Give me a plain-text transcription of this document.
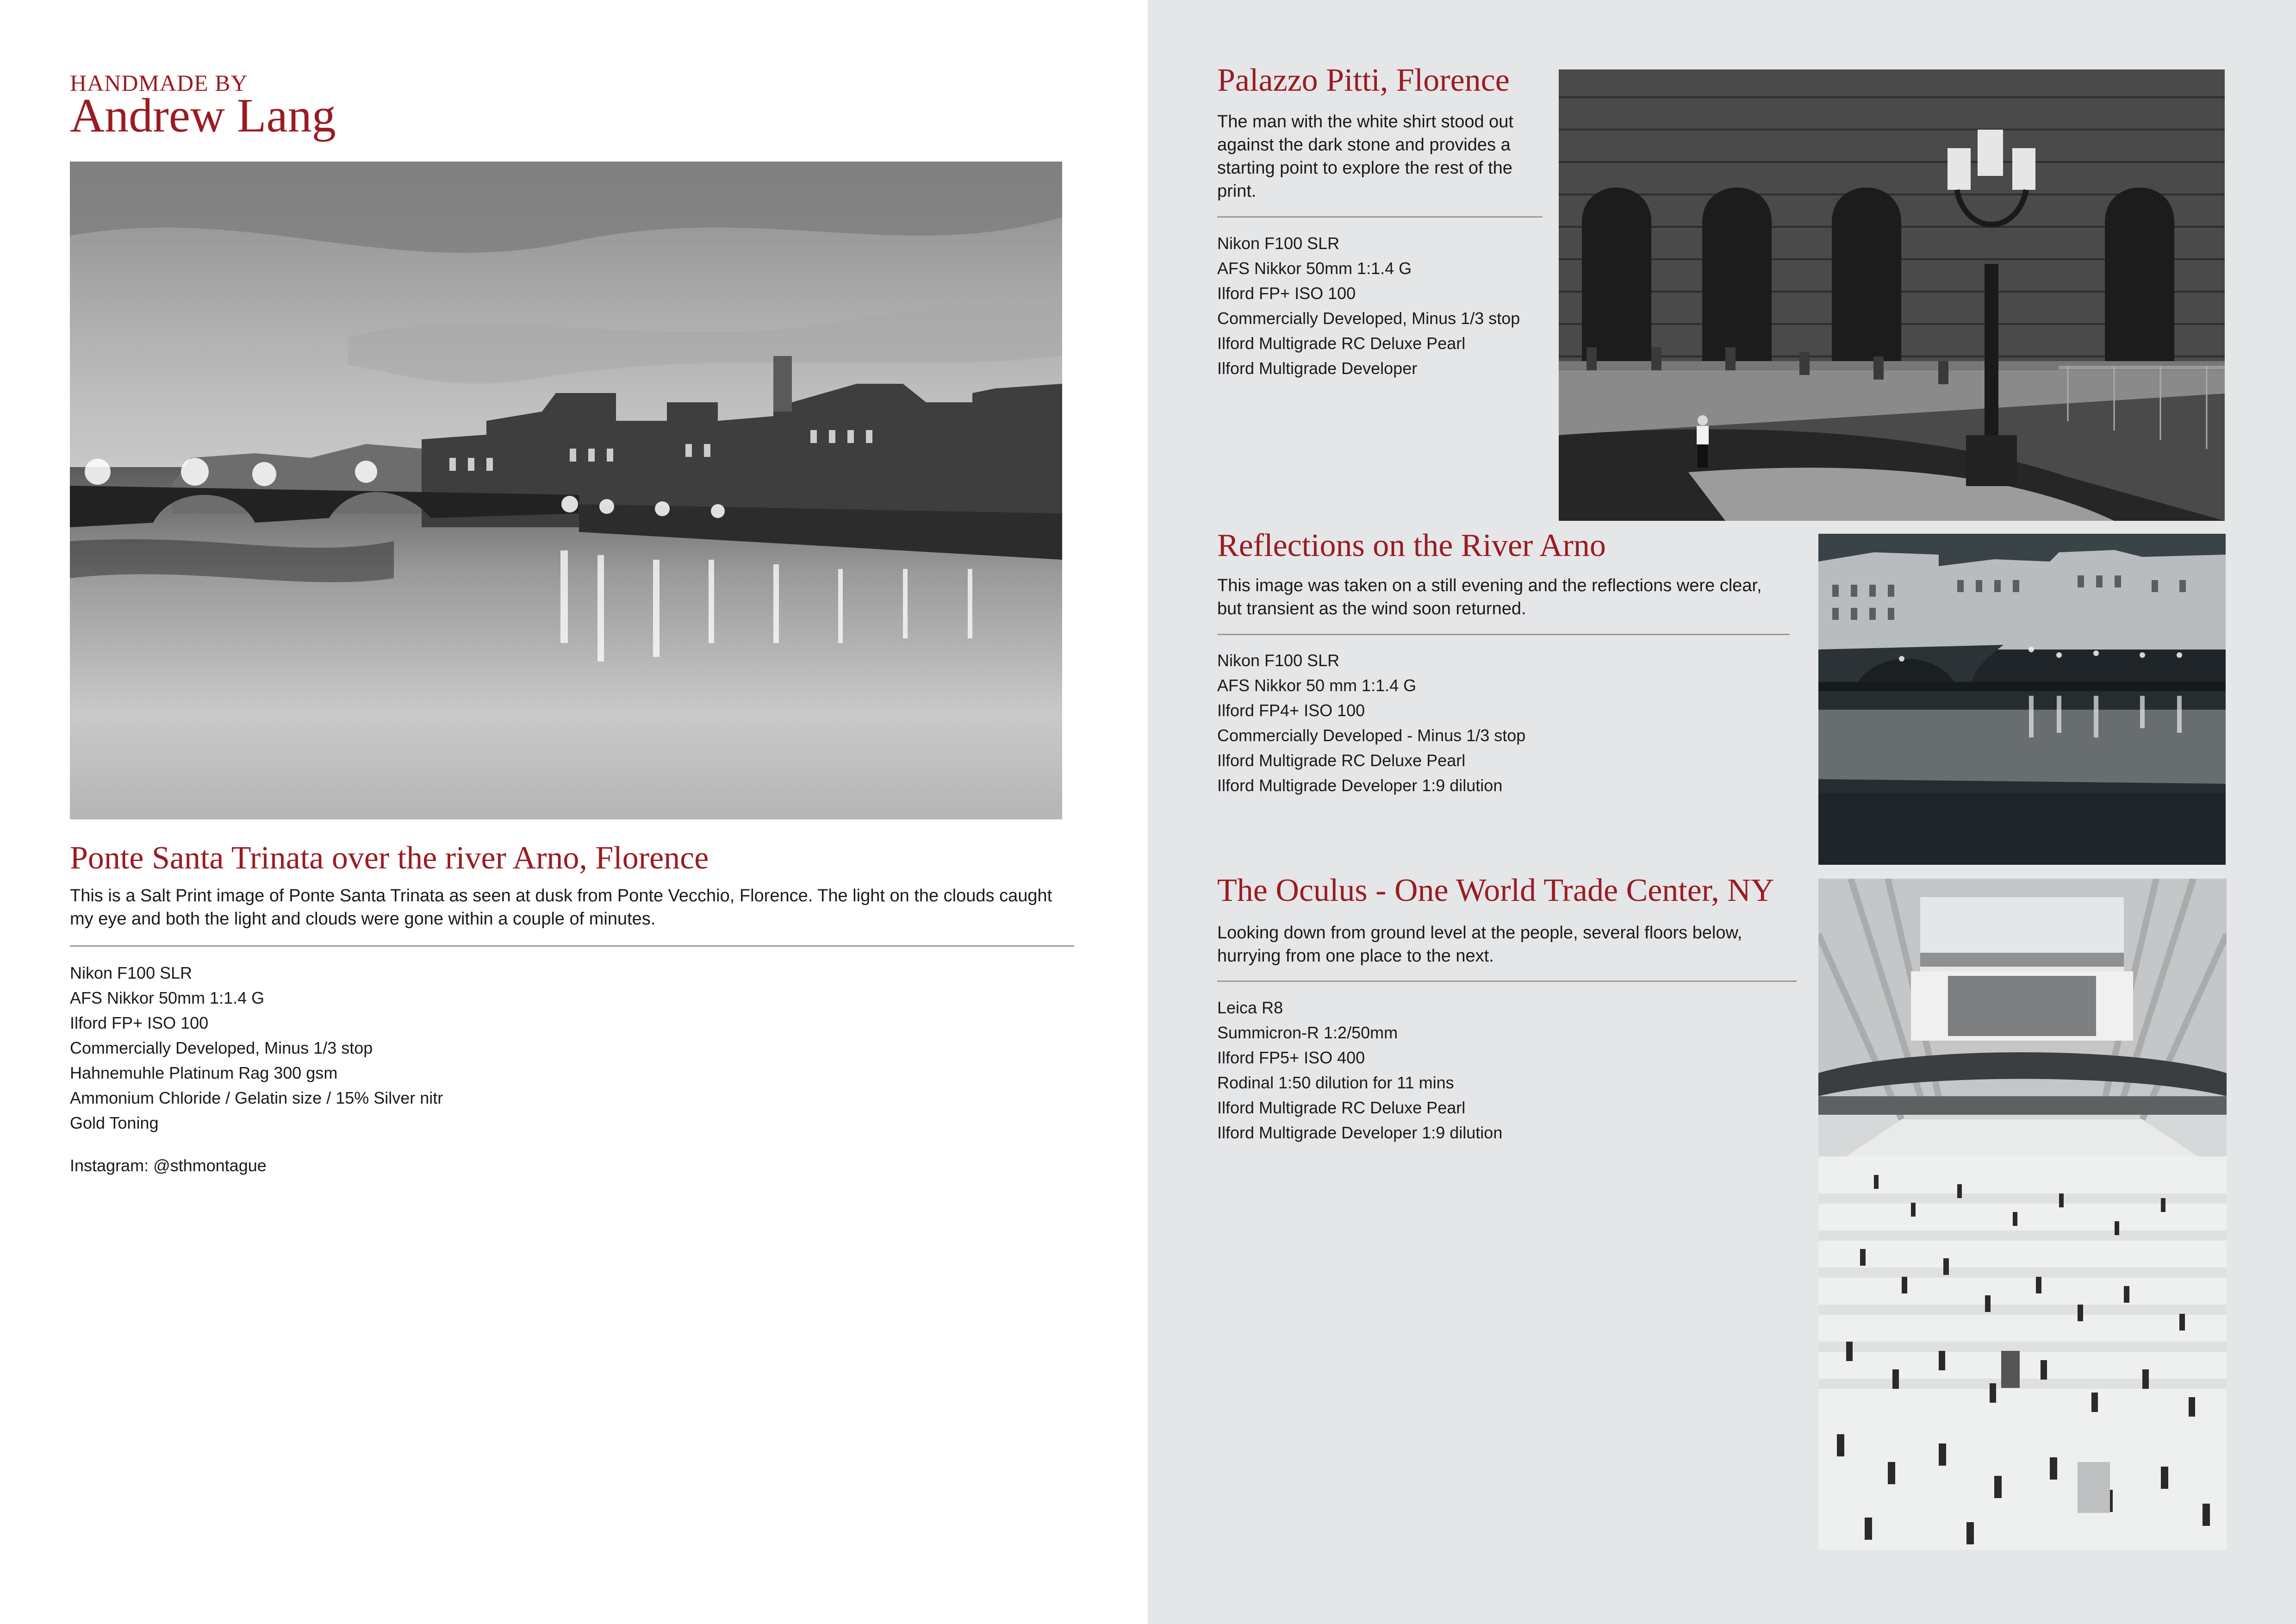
HANDMADE BY
Andrew Lang
Ponte Santa Trinata over the river Arno, Florence
This is a Salt Print image of Ponte Santa Trinata as seen at dusk from Ponte Vecchio, Florence. The light on the clouds caught my eye and both the light and clouds were gone within a couple of minutes.
Nikon F100 SLR
AFS Nikkor 50mm 1:1.4 G
Ilford FP+ ISO 100
Commercially Developed, Minus 1/3 stop
Hahnemuhle Platinum Rag 300 gsm
Ammonium Chloride / Gelatin size / 15% Silver nitr
Gold Toning
Instagram: @sthmontague
Palazzo Pitti, Florence
The man with the white shirt stood out against the dark stone and provides a starting point to explore the rest of the print.
Nikon F100 SLR
AFS Nikkor 50mm 1:1.4 G
Ilford FP+ ISO 100
Commercially Developed, Minus 1/3 stop
Ilford Multigrade RC Deluxe Pearl
Ilford Multigrade Developer
Reflections on the River Arno
This image was taken on a still evening and the reflections were clear, but transient as the wind soon returned.
Nikon F100 SLR
AFS Nikkor 50 mm 1:1.4 G
Ilford FP4+ ISO 100
Commercially Developed - Minus 1/3 stop
Ilford Multigrade RC Deluxe Pearl
Ilford Multigrade Developer 1:9 dilution
The Oculus - One World Trade Center, NY
Looking down from ground level at the people, several floors below, hurrying from one place to the next.
Leica R8
Summicron-R 1:2/50mm
Ilford FP5+ ISO 400
Rodinal 1:50 dilution for 11 mins
Ilford Multigrade RC Deluxe Pearl
Ilford Multigrade Developer 1:9 dilution
